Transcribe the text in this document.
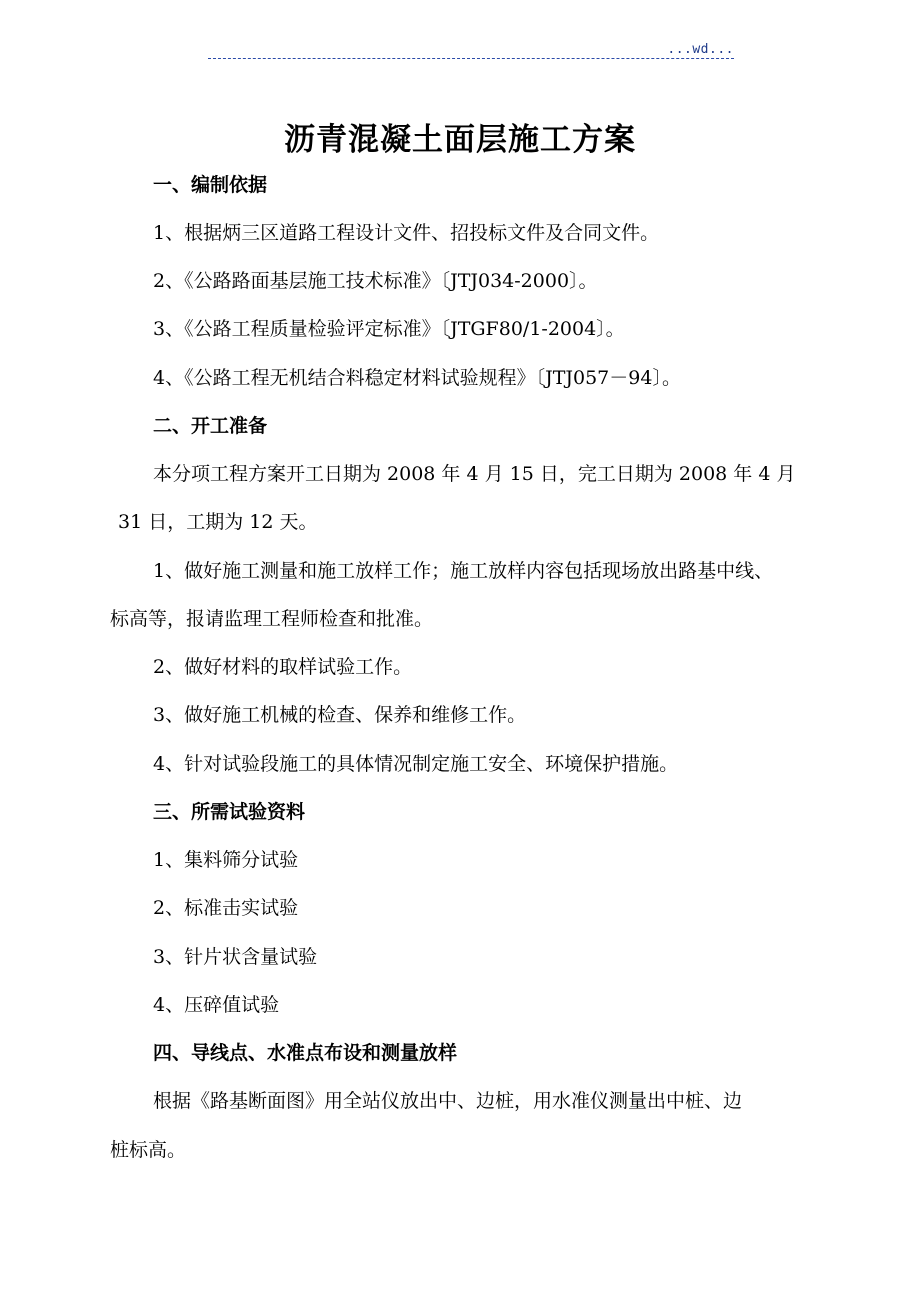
...wd...
沥青混凝土面层施工方案
一、编制依据
1、根据炳三区道路工程设计文件、招投标文件及合同文件。
2、《公路路面基层施工技术标准》〔JTJ034-2000〕。
3、《公路工程质量检验评定标准》〔JTGF80/1-2004〕。
4、《公路工程无机结合料稳定材料试验规程》〔JTJ057－94〕。
二、开工准备
本分项工程方案开工日期为 2008 年 4 月 15 日，完工日期为 2008 年 4 月
31 日，工期为 12 天。
1、做好施工测量和施工放样工作；施工放样内容包括现场放出路基中线、
标高等，报请监理工程师检查和批准。
2、做好材料的取样试验工作。
3、做好施工机械的检查、保养和维修工作。
4、针对试验段施工的具体情况制定施工安全、环境保护措施。
三、所需试验资料
1、集料筛分试验
2、标准击实试验
3、针片状含量试验
4、压碎值试验
四、导线点、水准点布设和测量放样
根据《路基断面图》用全站仪放出中、边桩，用水准仪测量出中桩、边
桩标高。
